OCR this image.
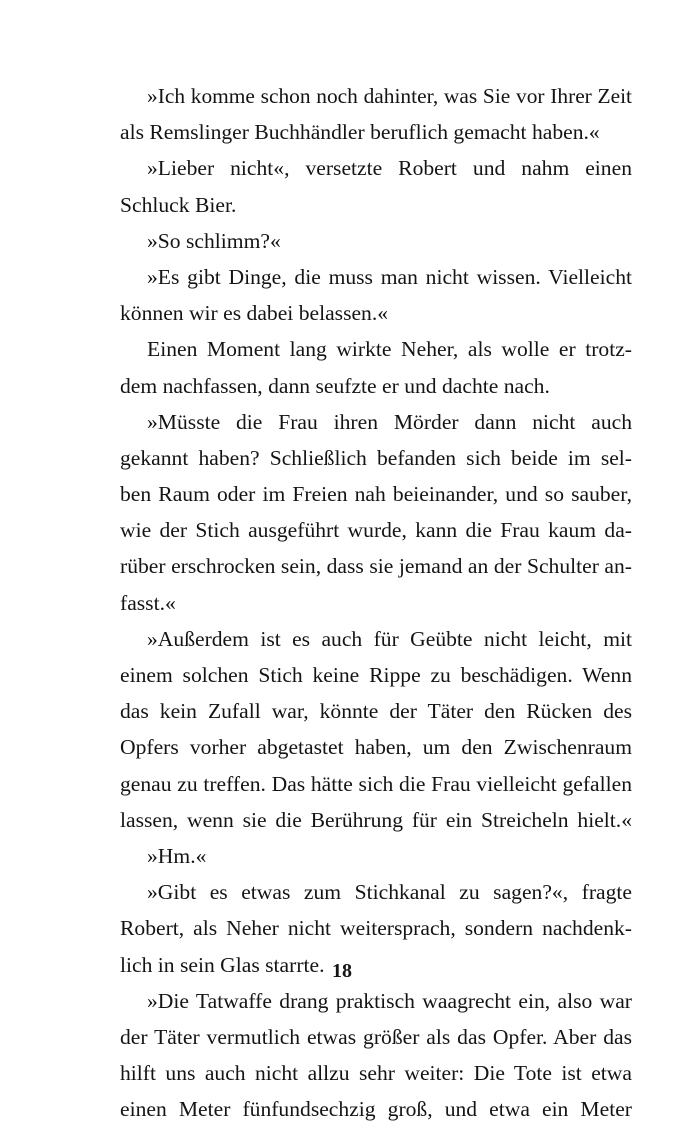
»Ich komme schon noch dahinter, was Sie vor Ihrer Zeit
als Remslinger Buchhändler beruflich gemacht haben.«
»Lieber nicht«, versetzte Robert und nahm einen
Schluck Bier.
»So schlimm?«
»Es gibt Dinge, die muss man nicht wissen. Vielleicht
können wir es dabei belassen.«
Einen Moment lang wirkte Neher, als wolle er trotz-
dem nachfassen, dann seufzte er und dachte nach.
»Müsste die Frau ihren Mörder dann nicht auch
gekannt haben? Schließlich befanden sich beide im sel-
ben Raum oder im Freien nah beieinander, und so sauber,
wie der Stich ausgeführt wurde, kann die Frau kaum da-
rüber erschrocken sein, dass sie jemand an der Schulter an-
fasst.«
»Außerdem ist es auch für Geübte nicht leicht, mit
einem solchen Stich keine Rippe zu beschädigen. Wenn
das kein Zufall war, könnte der Täter den Rücken des
Opfers vorher abgetastet haben, um den Zwischenraum
genau zu treffen. Das hätte sich die Frau vielleicht gefallen
lassen, wenn sie die Berührung für ein Streicheln hielt.«
»Hm.«
»Gibt es etwas zum Stichkanal zu sagen?«, fragte
Robert, als Neher nicht weitersprach, sondern nachdenk-
lich in sein Glas starrte.
»Die Tatwaffe drang praktisch waagrecht ein, also war
der Täter vermutlich etwas größer als das Opfer. Aber das
hilft uns auch nicht allzu sehr weiter: Die Tote ist etwa
einen Meter fünfundsechzig groß, und etwa ein Meter
18
